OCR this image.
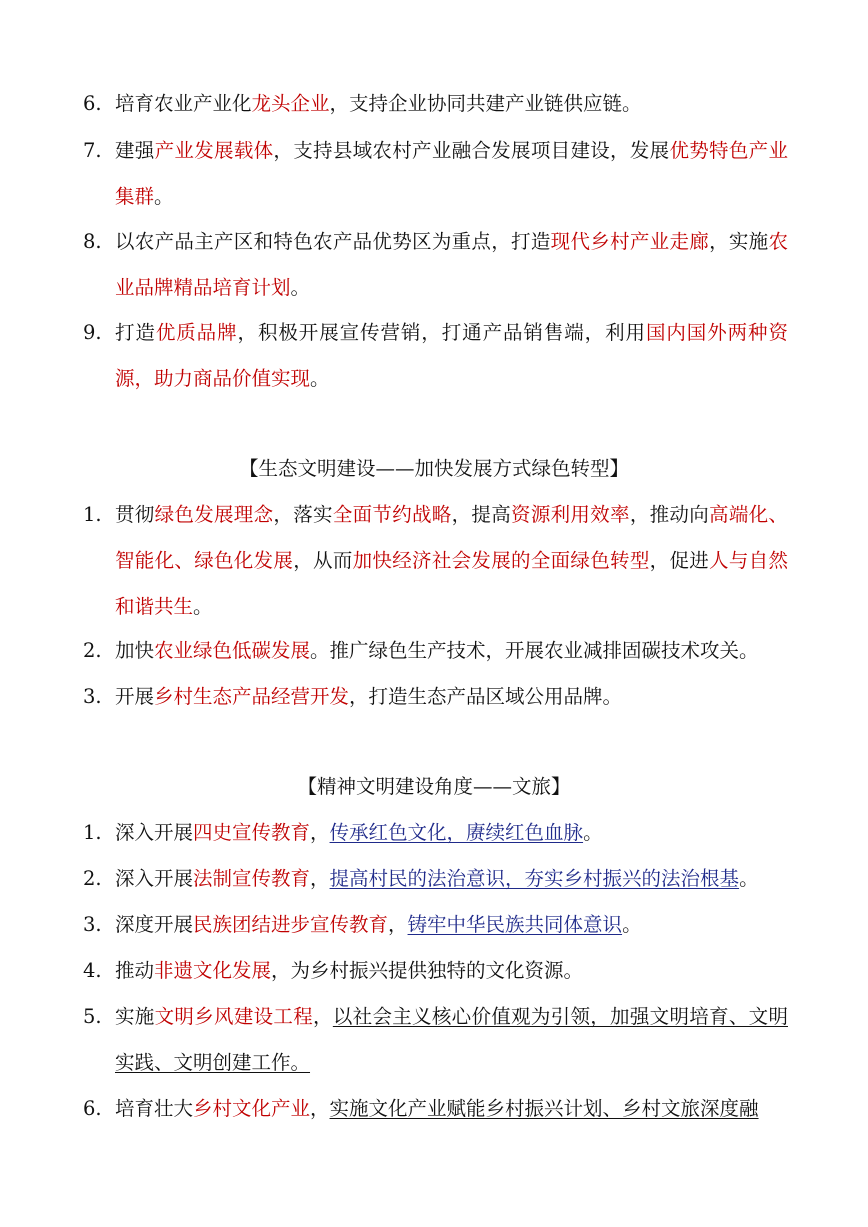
6. 培育农业产业化龙头企业，支持企业协同共建产业链供应链。
7. 建强产业发展载体，支持县域农村产业融合发展项目建设，发展优势特色产业集群。
8. 以农产品主产区和特色农产品优势区为重点，打造现代乡村产业走廊，实施农业品牌精品培育计划。
9. 打造优质品牌，积极开展宣传营销，打通产品销售端，利用国内国外两种资源，助力商品价值实现。
【生态文明建设——加快发展方式绿色转型】
1. 贯彻绿色发展理念，落实全面节约战略，提高资源利用效率，推动向高端化、智能化、绿色化发展，从而加快经济社会发展的全面绿色转型，促进人与自然和谐共生。
2. 加快农业绿色低碳发展。推广绿色生产技术，开展农业减排固碳技术攻关。
3. 开展乡村生态产品经营开发，打造生态产品区域公用品牌。
【精神文明建设角度——文旅】
1. 深入开展四史宣传教育，传承红色文化，赓续红色血脉。
2. 深入开展法制宣传教育，提高村民的法治意识，夯实乡村振兴的法治根基。
3. 深度开展民族团结进步宣传教育，铸牢中华民族共同体意识。
4. 推动非遗文化发展，为乡村振兴提供独特的文化资源。
5. 实施文明乡风建设工程，以社会主义核心价值观为引领，加强文明培育、文明实践、文明创建工作。
6. 培育壮大乡村文化产业，实施文化产业赋能乡村振兴计划、乡村文旅深度融
